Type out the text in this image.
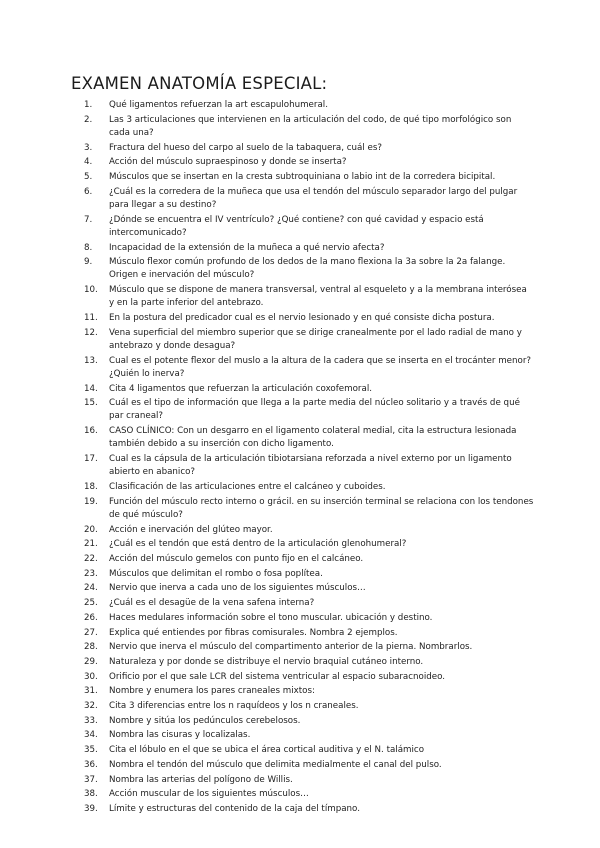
EXAMEN ANATOMÍA ESPECIAL:
1.	Qué ligamentos refuerzan la art escapulohumeral.
2.	Las 3 articulaciones que intervienen en la articulación del codo, de qué tipo morfológico son cada una?
3.	Fractura del hueso del carpo al suelo de la tabaquera, cuál es?
4.	Acción del músculo supraespinoso y donde se inserta?
5.	Músculos que se insertan en la cresta subtroquiniana o labio int de la corredera bicipital.
6.	¿Cuál es la corredera de la muñeca que usa el tendón del músculo separador largo del pulgar para llegar a su destino?
7.	¿Dónde se encuentra el IV ventrículo? ¿Qué contiene? con qué cavidad y espacio está intercomunicado?
8.	Incapacidad de la extensión de la muñeca a qué nervio afecta?
9.	Músculo flexor común profundo de los dedos de la mano flexiona la 3a sobre la 2a falange. Origen e inervación del músculo?
10.	Músculo que se dispone de manera transversal, ventral al esqueleto y a la membrana interósea y en la parte inferior del antebrazo.
11.	En la postura del predicador cual es el nervio lesionado y en qué consiste dicha postura.
12.	Vena superficial del miembro superior que se dirige cranealmente por el lado radial de mano y antebrazo y donde desagua?
13.	Cual es el potente flexor del muslo a la altura de la cadera que se inserta en el trocánter menor? ¿Quién lo inerva?
14.	Cita 4 ligamentos que refuerzan la articulación coxofemoral.
15.	Cuál es el tipo de información que llega a la parte media del núcleo solitario y a través de qué par craneal?
16.	CASO CLÍNICO: Con un desgarro en el ligamento colateral medial, cita la estructura lesionada también debido a su inserción con dicho ligamento.
17.	Cual es la cápsula de la articulación tibiotarsiana reforzada a nivel externo por un ligamento abierto en abanico?
18.	Clasificación de las articulaciones entre el calcáneo y cuboides.
19.	Función del músculo recto interno o grácil. en su inserción terminal se relaciona con los tendones de qué músculo?
20.	Acción e inervación del glúteo mayor.
21.	¿Cuál es el tendón que está dentro de la articulación glenohumeral?
22.	Acción del músculo gemelos con punto fijo en el calcáneo.
23.	Músculos que delimitan el rombo o fosa poplítea.
24.	Nervio que inerva a cada uno de los siguientes músculos…
25.	¿Cuál es el desagüe de la vena safena interna?
26.	Haces medulares información sobre el tono muscular. ubicación y destino.
27.	Explica qué entiendes por fibras comisurales. Nombra 2 ejemplos.
28.	Nervio que inerva el músculo del compartimento anterior de la pierna. Nombrarlos.
29.	Naturaleza y por donde se distribuye el nervio braquial cutáneo interno.
30.	Orificio por el que sale LCR del sistema ventricular al espacio subaracnoideo.
31.	Nombre y enumera los pares craneales mixtos:
32.	Cita 3 diferencias entre los n raquídeos y los n craneales.
33.	Nombre y sitúa los pedúnculos cerebelosos.
34.	Nombra las cisuras y localizalas.
35.	Cita el lóbulo en el que se ubica el área cortical auditiva y el N. talámico
36.	Nombra el tendón del músculo que delimita medialmente el canal del pulso.
37.	Nombra las arterias del polígono de Willis.
38.	Acción muscular de los siguientes músculos…
39.	Límite y estructuras del contenido de la caja del tímpano.
